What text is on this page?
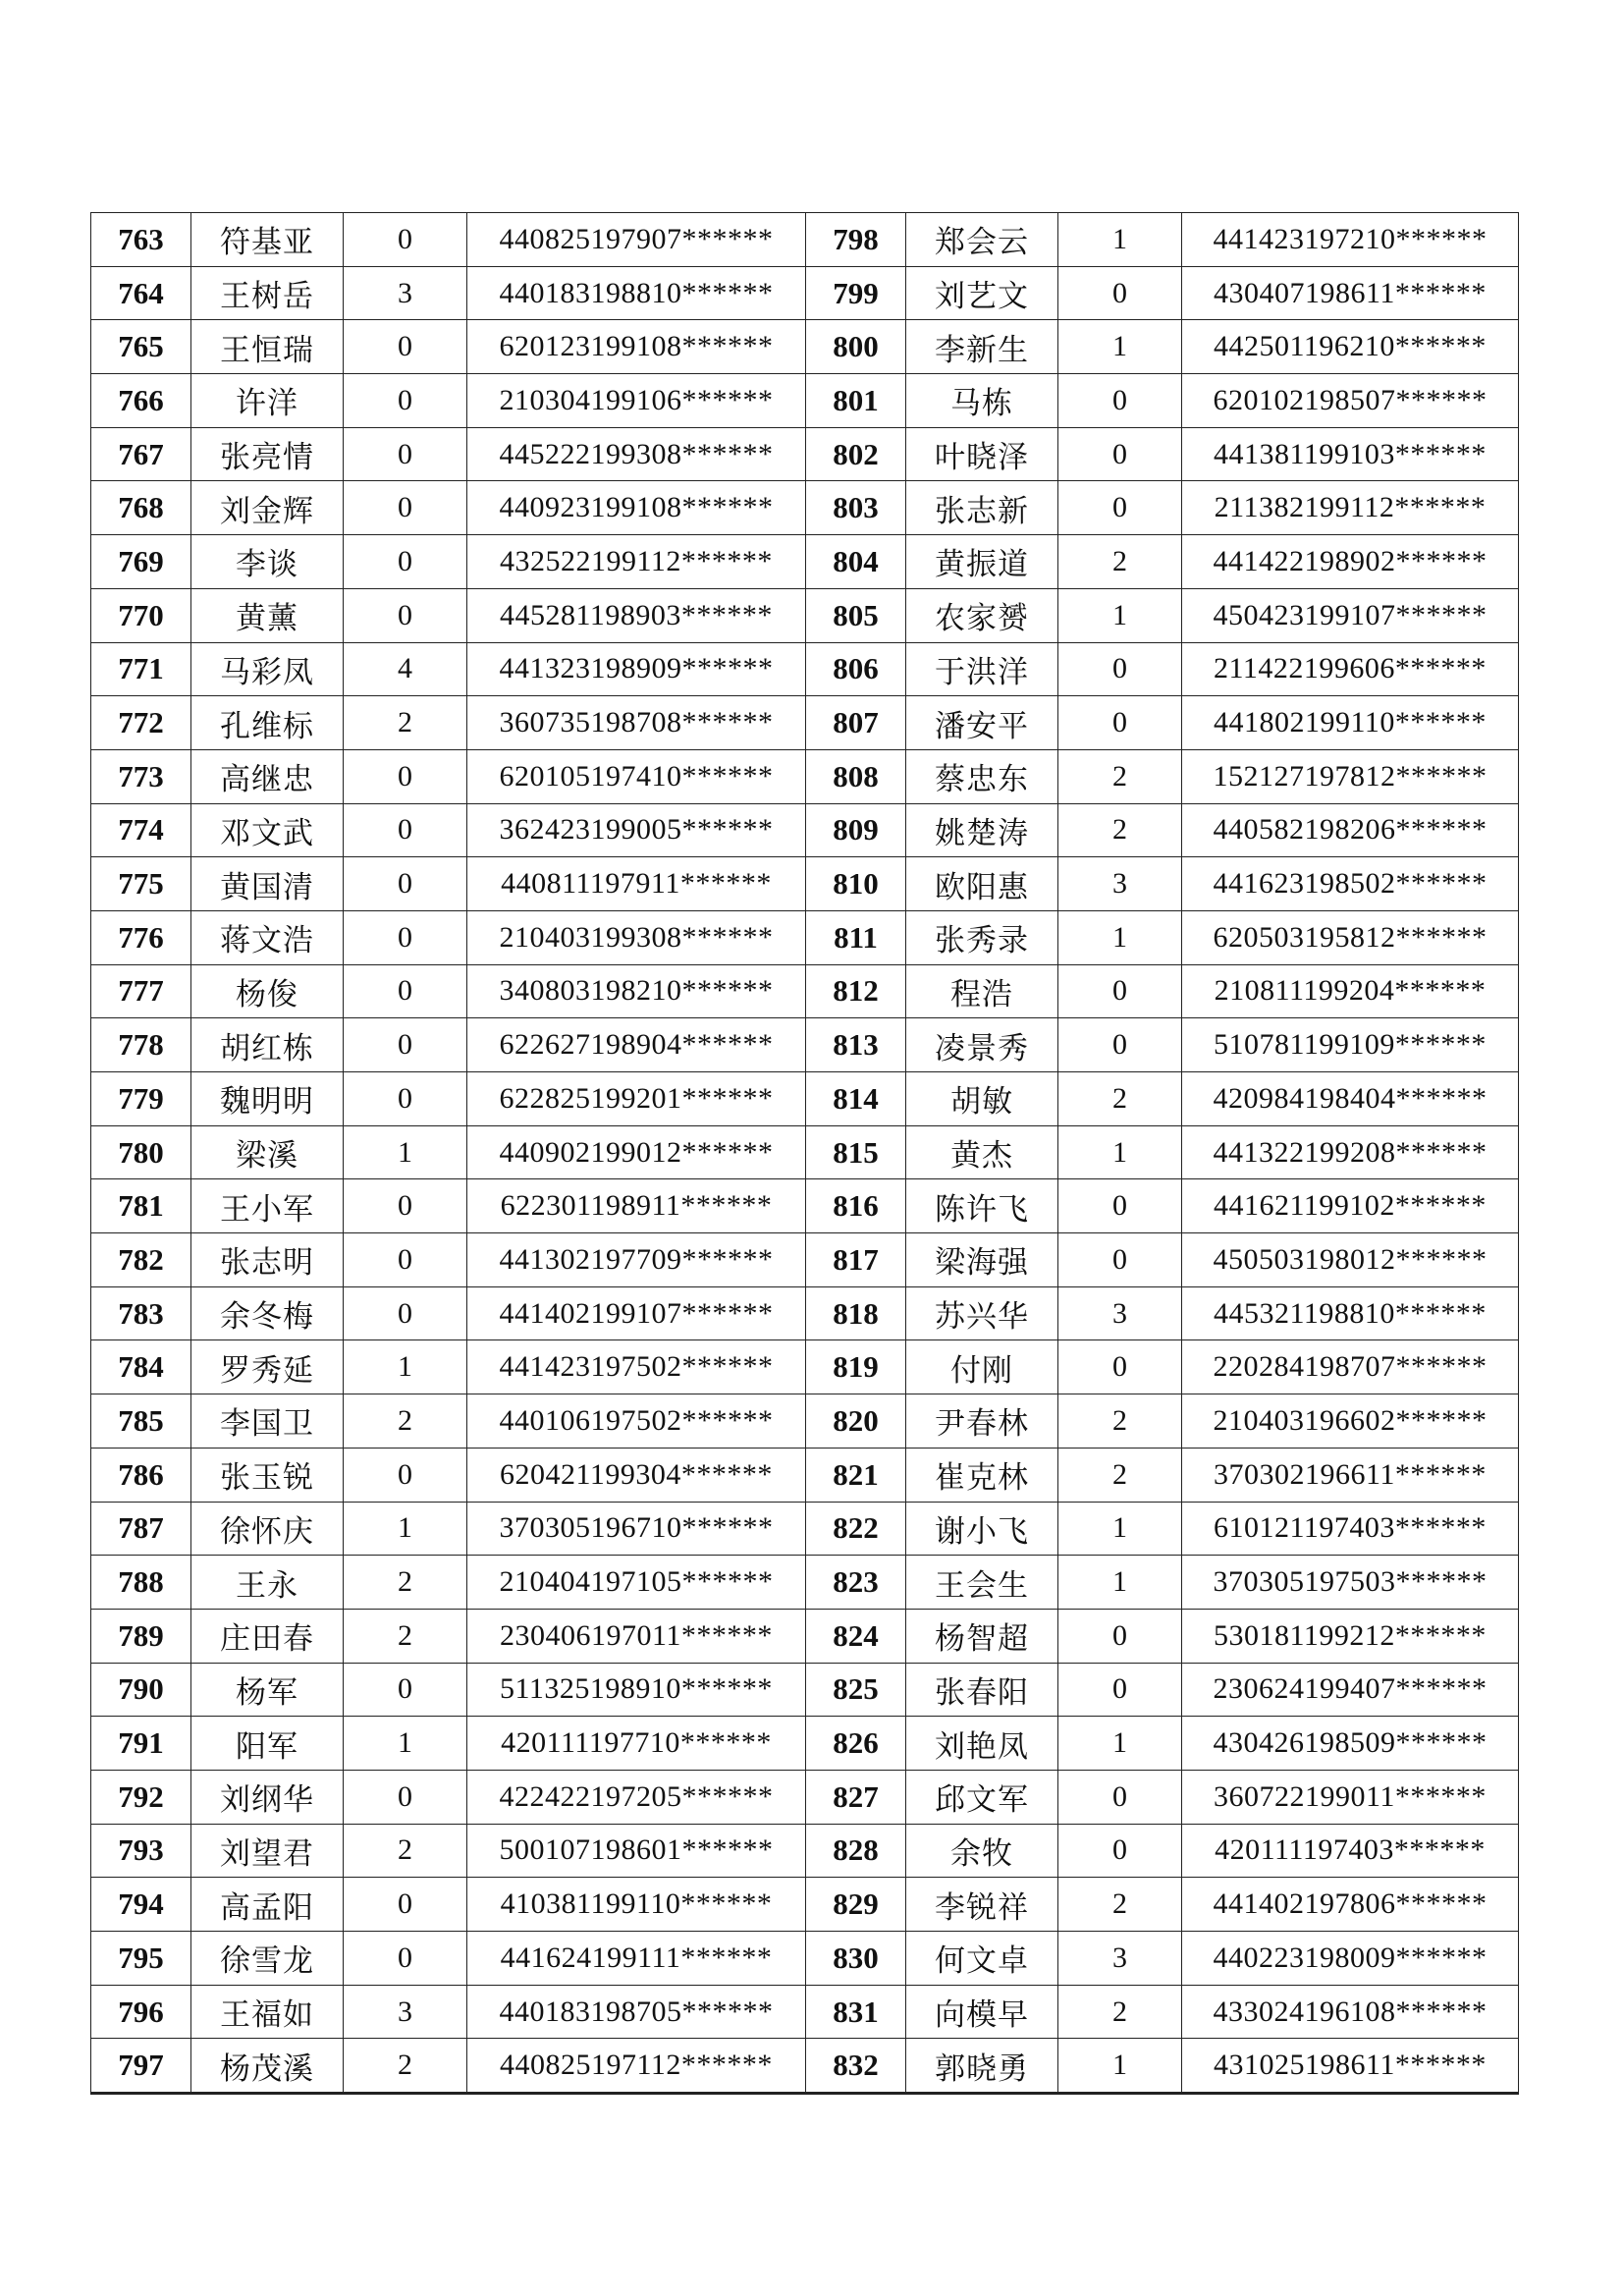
763	符基亚	0	440825197907******	798	郑会云	1	441423197210******
764	王树岳	3	440183198810******	799	刘艺文	0	430407198611******
765	王恒瑞	0	620123199108******	800	李新生	1	442501196210******
766	许洋	0	210304199106******	801	马栋	0	620102198507******
767	张亮情	0	445222199308******	802	叶晓泽	0	441381199103******
768	刘金辉	0	440923199108******	803	张志新	0	211382199112******
769	李谈	0	432522199112******	804	黄振道	2	441422198902******
770	黄薰	0	445281198903******	805	农家赟	1	450423199107******
771	马彩凤	4	441323198909******	806	于洪洋	0	211422199606******
772	孔维标	2	360735198708******	807	潘安平	0	441802199110******
773	高继忠	0	620105197410******	808	蔡忠东	2	152127197812******
774	邓文武	0	362423199005******	809	姚楚涛	2	440582198206******
775	黄国清	0	440811197911******	810	欧阳惠	3	441623198502******
776	蒋文浩	0	210403199308******	811	张秀录	1	620503195812******
777	杨俊	0	340803198210******	812	程浩	0	210811199204******
778	胡红栋	0	622627198904******	813	凌景秀	0	510781199109******
779	魏明明	0	622825199201******	814	胡敏	2	420984198404******
780	梁溪	1	440902199012******	815	黄杰	1	441322199208******
781	王小军	0	622301198911******	816	陈许飞	0	441621199102******
782	张志明	0	441302197709******	817	梁海强	0	450503198012******
783	余冬梅	0	441402199107******	818	苏兴华	3	445321198810******
784	罗秀延	1	441423197502******	819	付刚	0	220284198707******
785	李国卫	2	440106197502******	820	尹春林	2	210403196602******
786	张玉锐	0	620421199304******	821	崔克林	2	370302196611******
787	徐怀庆	1	370305196710******	822	谢小飞	1	610121197403******
788	王永	2	210404197105******	823	王会生	1	370305197503******
789	庄田春	2	230406197011******	824	杨智超	0	530181199212******
790	杨军	0	511325198910******	825	张春阳	0	230624199407******
791	阳军	1	420111197710******	826	刘艳凤	1	430426198509******
792	刘纲华	0	422422197205******	827	邱文军	0	360722199011******
793	刘望君	2	500107198601******	828	余牧	0	420111197403******
794	高孟阳	0	410381199110******	829	李锐祥	2	441402197806******
795	徐雪龙	0	441624199111******	830	何文卓	3	440223198009******
796	王福如	3	440183198705******	831	向模早	2	433024196108******
797	杨茂溪	2	440825197112******	832	郭晓勇	1	431025198611******
